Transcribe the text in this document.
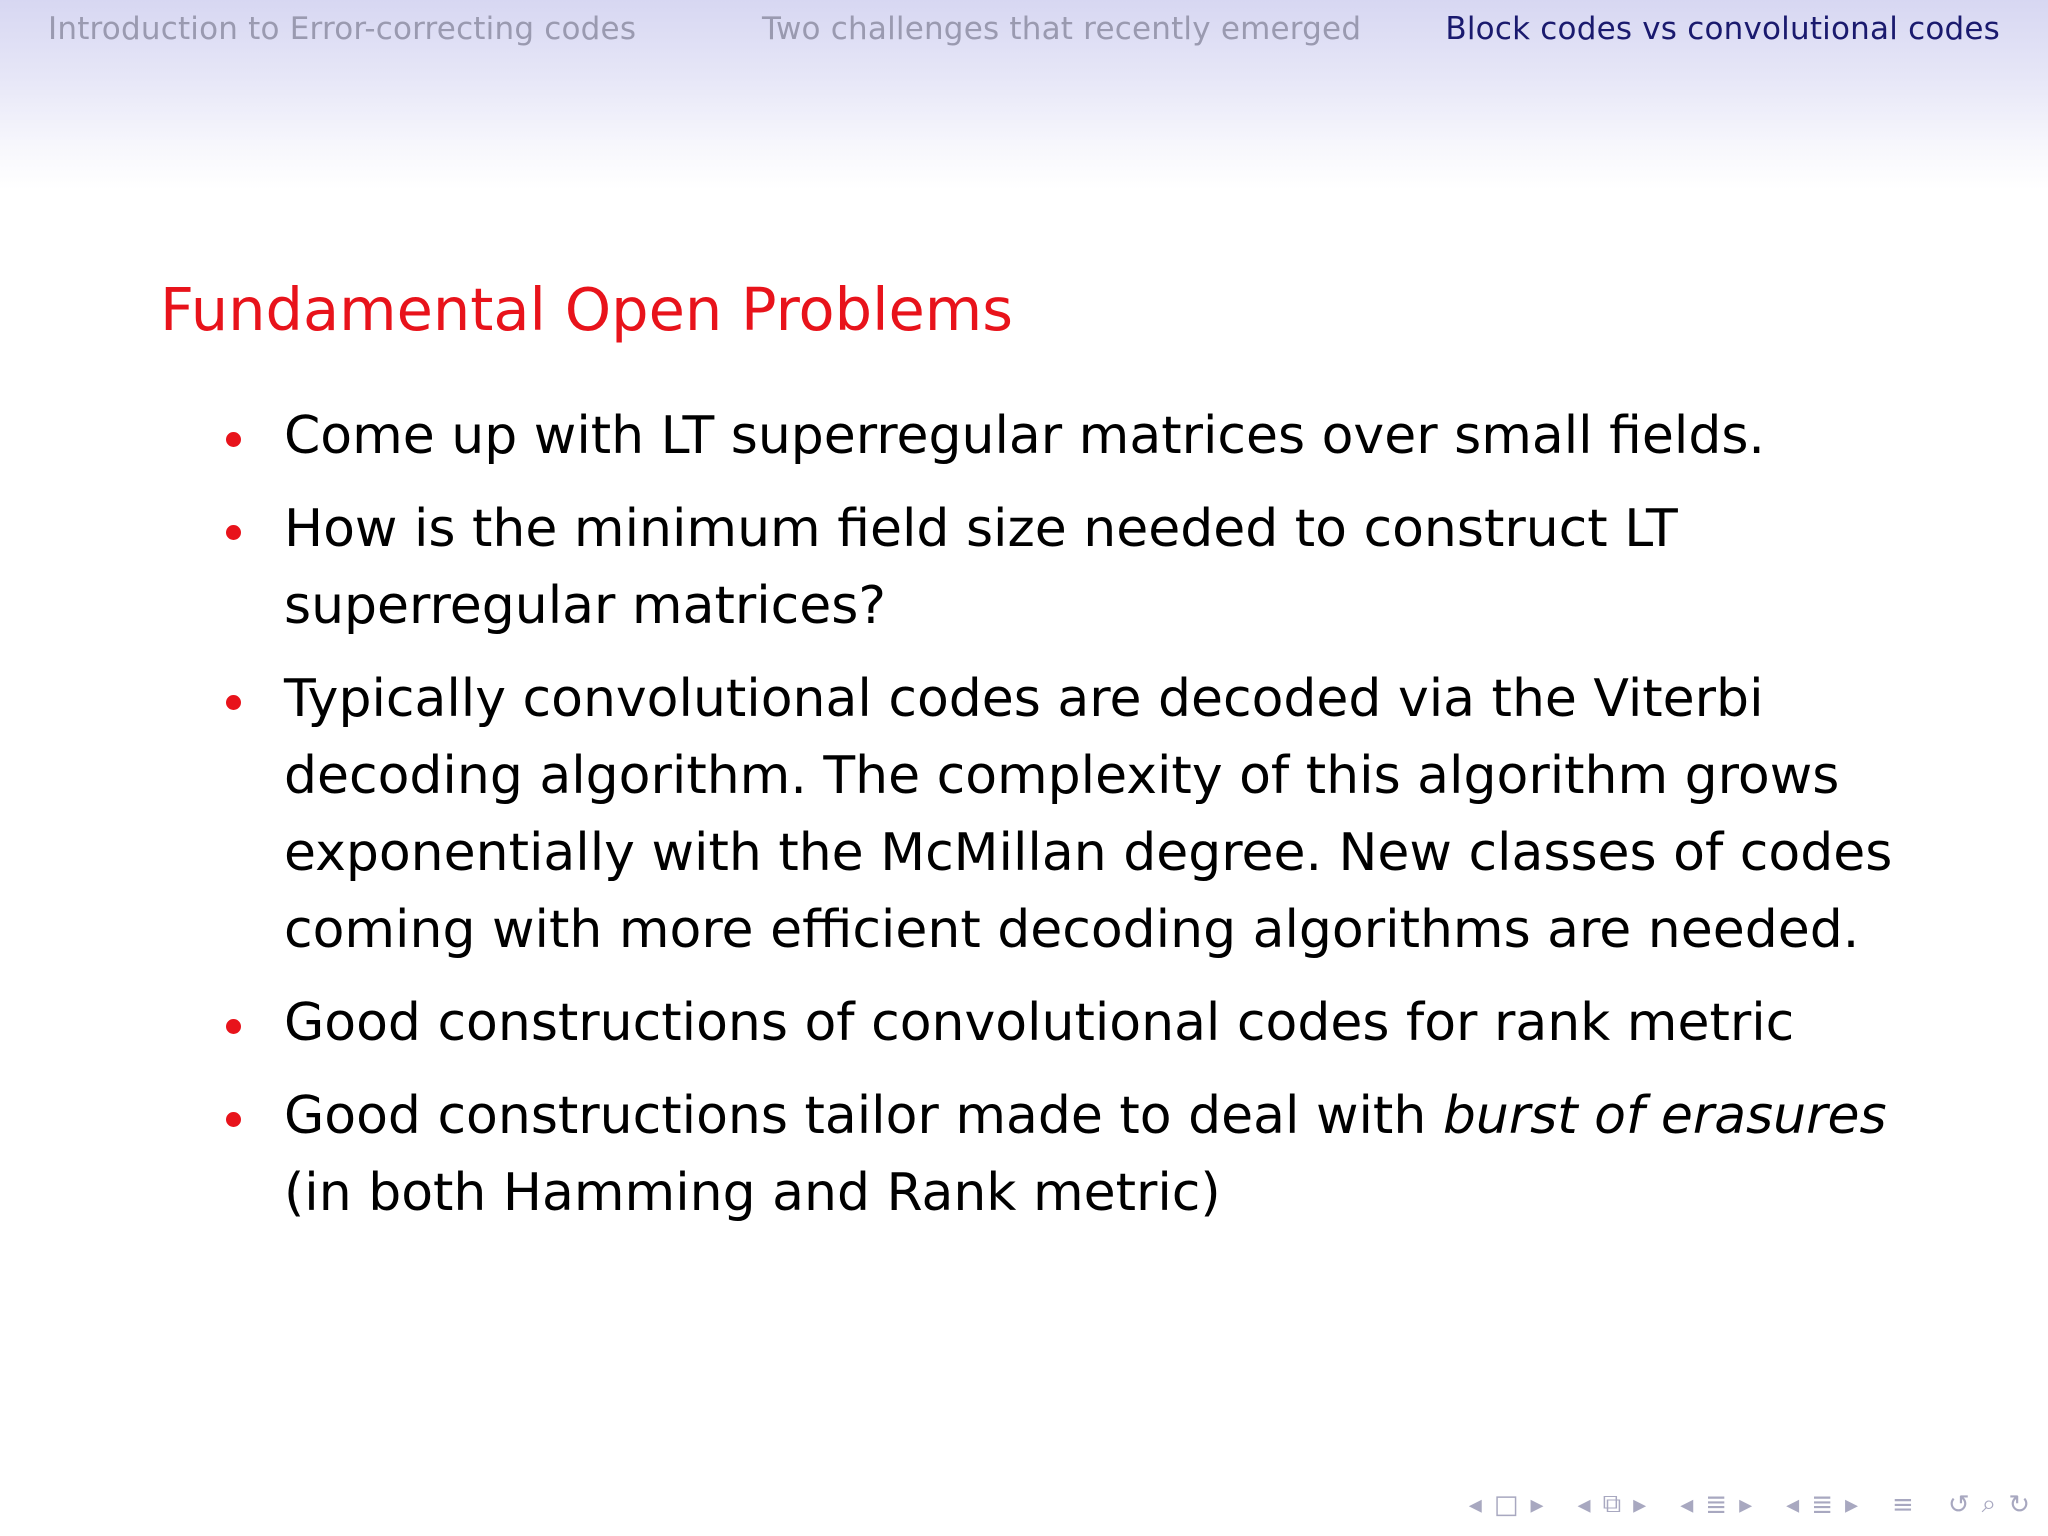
Introduction to Error-correcting codes	Two challenges that recently emerged	Block codes vs convolutional codes
Fundamental Open Problems
Come up with LT superregular matrices over small fields.
How is the minimum field size needed to construct LT superregular matrices?
Typically convolutional codes are decoded via the Viterbi decoding algorithm. The complexity of this algorithm grows exponentially with the McMillan degree. New classes of codes coming with more efficient decoding algorithms are needed.
Good constructions of convolutional codes for rank metric
Good constructions tailor made to deal with burst of erasures (in both Hamming and Rank metric)
◂ □ ▸ ◂ ⧉ ▸ ◂ ≣ ▸ ◂ ≣ ▸ ≡ ↺ ⌕ ↻
